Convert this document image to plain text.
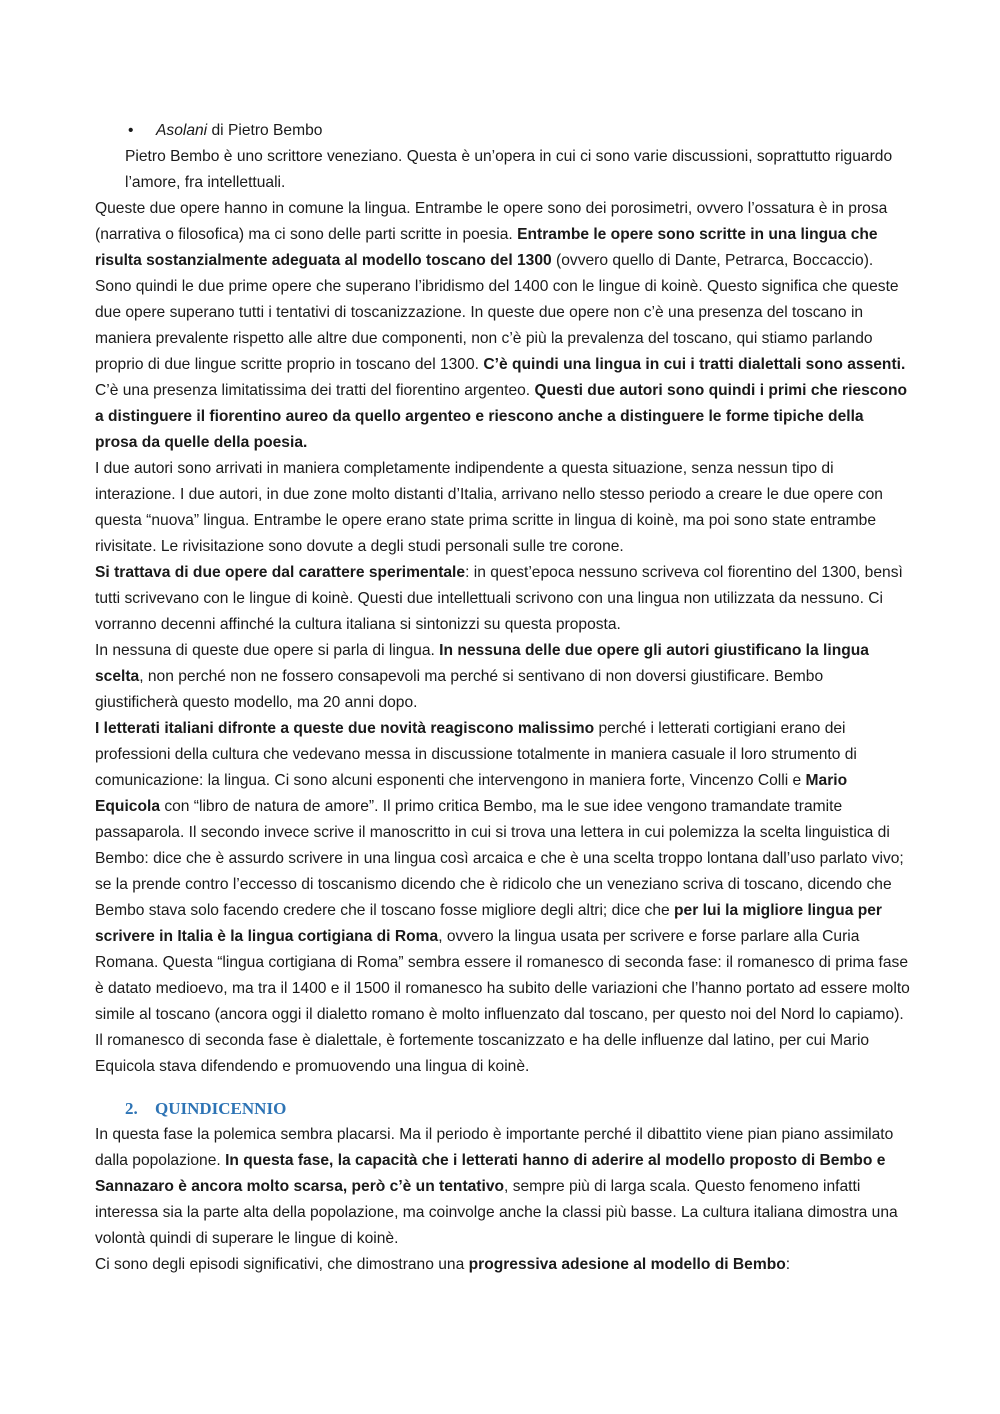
• Asolani di Pietro Bembo

Pietro Bembo è uno scrittore veneziano. Questa è un’opera in cui ci sono varie discussioni, soprattutto riguardo l’amore, fra intellettuali.

Queste due opere hanno in comune la lingua. Entrambe le opere sono dei porosimetri, ovvero l’ossatura è in prosa (narrativa o filosofica) ma ci sono delle parti scritte in poesia. Entrambe le opere sono scritte in una lingua che risulta sostanzialmente adeguata al modello toscano del 1300 (ovvero quello di Dante, Petrarca, Boccaccio). Sono quindi le due prime opere che superano l’ibridismo del 1400 con le lingue di koinè. Questo significa che queste due opere superano tutti i tentativi di toscanizzazione. In queste due opere non c’è una presenza del toscano in maniera prevalente rispetto alle altre due componenti, non c’è più la prevalenza del toscano, qui stiamo parlando proprio di due lingue scritte proprio in toscano del 1300. C’è quindi una lingua in cui i tratti dialettali sono assenti. C’è una presenza limitatissima dei tratti del fiorentino argenteo. Questi due autori sono quindi i primi che riescono a distinguere il fiorentino aureo da quello argenteo e riescono anche a distinguere le forme tipiche della prosa da quelle della poesia.

I due autori sono arrivati in maniera completamente indipendente a questa situazione, senza nessun tipo di interazione. I due autori, in due zone molto distanti d’Italia, arrivano nello stesso periodo a creare le due opere con questa “nuova” lingua. Entrambe le opere erano state prima scritte in lingua di koinè, ma poi sono state entrambe rivisitate. Le rivisitazione sono dovute a degli studi personali sulle tre corone.

Si trattava di due opere dal carattere sperimentale: in quest’epoca nessuno scriveva col fiorentino del 1300, bensì tutti scrivevano con le lingue di koinè. Questi due intellettuali scrivono con una lingua non utilizzata da nessuno. Ci vorranno decenni affinché la cultura italiana si sintonizzi su questa proposta.

In nessuna di queste due opere si parla di lingua. In nessuna delle due opere gli autori giustificano la lingua scelta, non perché non ne fossero consapevoli ma perché si sentivano di non doversi giustificare. Bembo giustificherà questo modello, ma 20 anni dopo.

I letterati italiani difronte a queste due novità reagiscono malissimo perché i letterati cortigiani erano dei professioni della cultura che vedevano messa in discussione totalmente in maniera casuale il loro strumento di comunicazione: la lingua. Ci sono alcuni esponenti che intervengono in maniera forte, Vincenzo Colli e Mario Equicola con “libro de natura de amore”. Il primo critica Bembo, ma le sue idee vengono tramandate tramite passaparola. Il secondo invece scrive il manoscritto in cui si trova una lettera in cui polemizza la scelta linguistica di Bembo: dice che è assurdo scrivere in una lingua così arcaica e che è una scelta troppo lontana dall’uso parlato vivo; se la prende contro l’eccesso di toscanismo dicendo che è ridicolo che un veneziano scriva di toscano, dicendo che Bembo stava solo facendo credere che il toscano fosse migliore degli altri; dice che per lui la migliore lingua per scrivere in Italia è la lingua cortigiana di Roma, ovvero la lingua usata per scrivere e forse parlare alla Curia Romana. Questa “lingua cortigiana di Roma” sembra essere il romanesco di seconda fase: il romanesco di prima fase è datato medioevo, ma tra il 1400 e il 1500 il romanesco ha subito delle variazioni che l’hanno portato ad essere molto simile al toscano (ancora oggi il dialetto romano è molto influenzato dal toscano, per questo noi del Nord lo capiamo). Il romanesco di seconda fase è dialettale, è fortemente toscanizzato e ha delle influenze dal latino, per cui Mario Equicola stava difendendo e promuovendo una lingua di koinè.

2. QUINDICENNIO

In questa fase la polemica sembra placarsi. Ma il periodo è importante perché il dibattito viene pian piano assimilato dalla popolazione. In questa fase, la capacità che i letterati hanno di aderire al modello proposto di Bembo e Sannazaro è ancora molto scarsa, però c’è un tentativo, sempre più di larga scala. Questo fenomeno infatti interessa sia la parte alta della popolazione, ma coinvolge anche la classi più basse. La cultura italiana dimostra una volontà quindi di superare le lingue di koinè.

Ci sono degli episodi significativi, che dimostrano una progressiva adesione al modello di Bembo:
